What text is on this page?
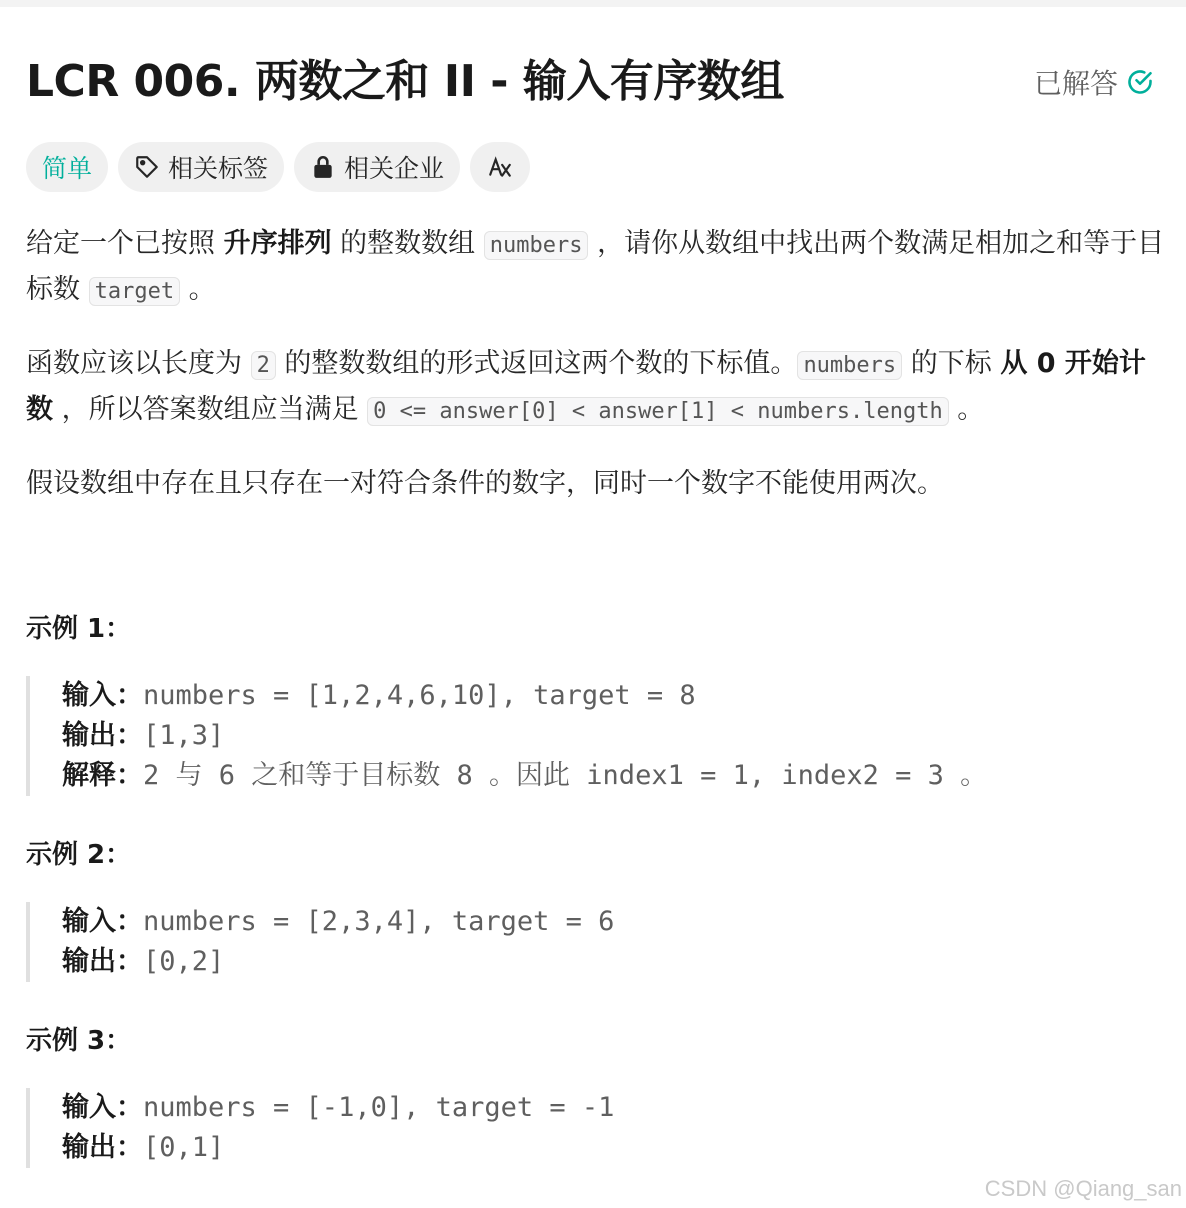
LCR 006. 两数之和 II - 输入有序数组	已解答
简单	相关标签	相关企业

给定一个已按照 升序排列 的整数数组 numbers ，请你从数组中找出两个数满足相加之和等于目标数 target 。

函数应该以长度为 2 的整数数组的形式返回这两个数的下标值。 numbers 的下标 从 0 开始计数 ，所以答案数组应当满足 0 <= answer[0] < answer[1] < numbers.length 。

假设数组中存在且只存在一对符合条件的数字，同时一个数字不能使用两次。

示例 1：
输入：numbers = [1,2,4,6,10], target = 8
输出：[1,3]
解释：2 与 6 之和等于目标数 8 。因此 index1 = 1, index2 = 3 。
示例 2：
输入：numbers = [2,3,4], target = 6
输出：[0,2]
示例 3：
输入：numbers = [-1,0], target = -1
输出：[0,1]
CSDN @Qiang_san
